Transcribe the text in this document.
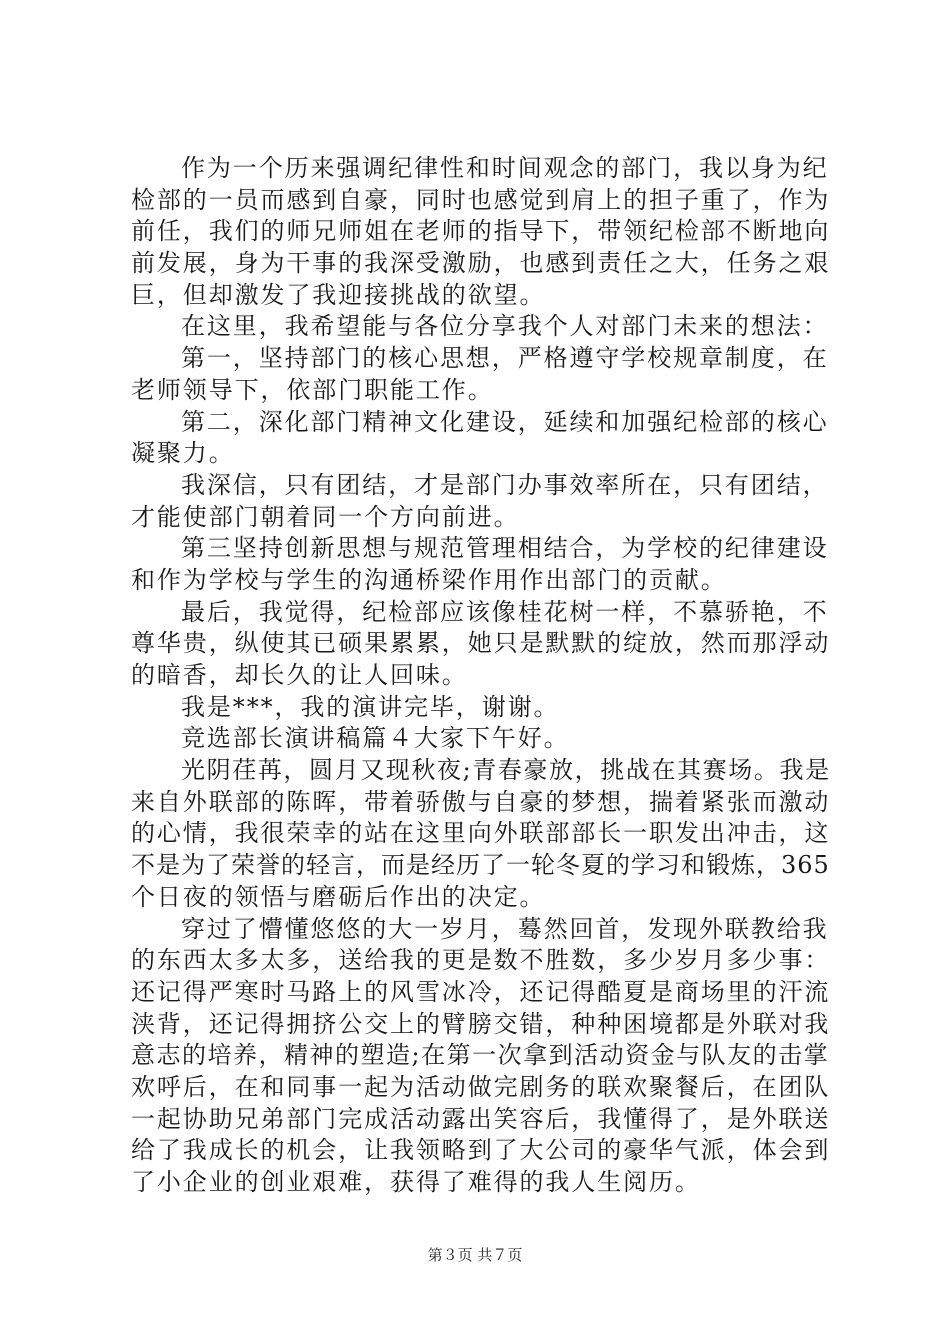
作为一个历来强调纪律性和时间观念的部门，我以身为纪
检部的一员而感到自豪，同时也感觉到肩上的担子重了，作为
前任，我们的师兄师姐在老师的指导下，带领纪检部不断地向
前发展，身为干事的我深受激励，也感到责任之大，任务之艰
巨，但却激发了我迎接挑战的欲望。
在这里，我希望能与各位分享我个人对部门未来的想法：
第一，坚持部门的核心思想，严格遵守学校规章制度，在
老师领导下，依部门职能工作。
第二，深化部门精神文化建设，延续和加强纪检部的核心
凝聚力。
我深信，只有团结，才是部门办事效率所在，只有团结，
才能使部门朝着同一个方向前进。
第三坚持创新思想与规范管理相结合，为学校的纪律建设
和作为学校与学生的沟通桥梁作用作出部门的贡献。
最后，我觉得，纪检部应该像桂花树一样，不慕骄艳，不
尊华贵，纵使其已硕果累累，她只是默默的绽放，然而那浮动
的暗香，却长久的让人回味。
我是***，我的演讲完毕，谢谢。
竞选部长演讲稿篇４大家下午好。
光阴荏苒，圆月又现秋夜;青春豪放，挑战在其赛场。我是
来自外联部的陈晖，带着骄傲与自豪的梦想，揣着紧张而激动
的心情，我很荣幸的站在这里向外联部部长一职发出冲击，这
不是为了荣誉的轻言，而是经历了一轮冬夏的学习和锻炼，365
个日夜的领悟与磨砺后作出的决定。
穿过了懵懂悠悠的大一岁月，蓦然回首，发现外联教给我
的东西太多太多，送给我的更是数不胜数，多少岁月多少事：
还记得严寒时马路上的风雪冰冷，还记得酷夏是商场里的汗流
浃背，还记得拥挤公交上的臂膀交错，种种困境都是外联对我
意志的培养，精神的塑造;在第一次拿到活动资金与队友的击掌
欢呼后，在和同事一起为活动做完剧务的联欢聚餐后，在团队
一起协助兄弟部门完成活动露出笑容后，我懂得了，是外联送
给了我成长的机会，让我领略到了大公司的豪华气派，体会到
了小企业的创业艰难，获得了难得的我人生阅历。
第３页 共７页
